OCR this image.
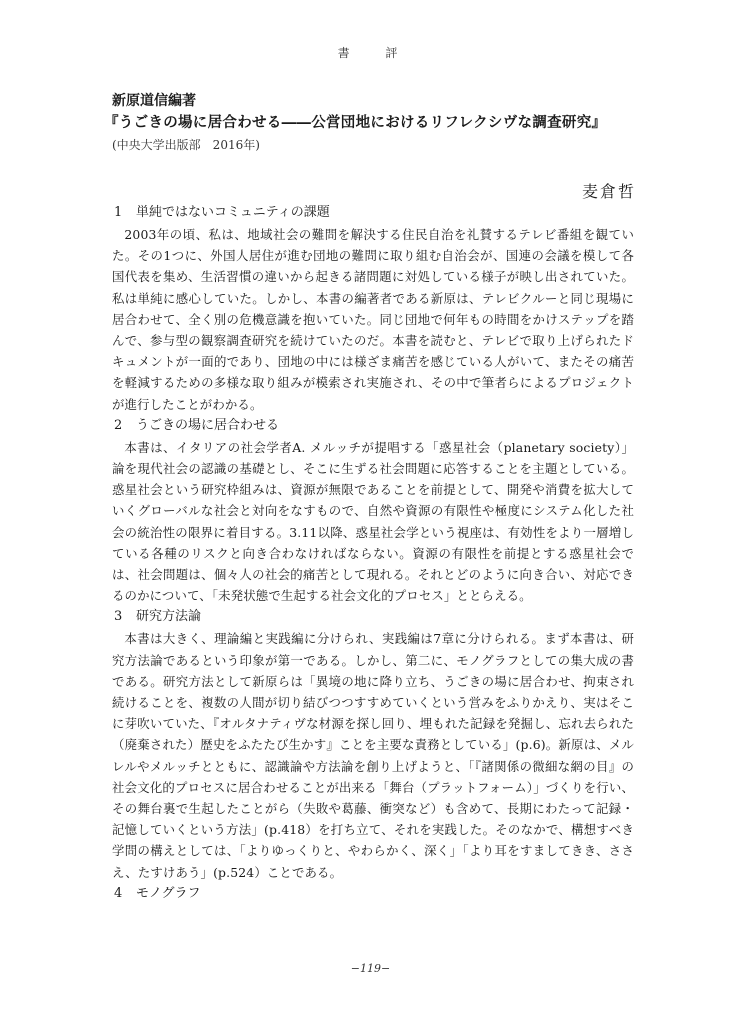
書 評
新原道信編著
『うごきの場に居合わせる――公営団地におけるリフレクシヴな調査研究』
(中央大学出版部　2016年)
麦倉哲

1 単純ではないコミュニティの課題

2003年の頃、私は、地域社会の難問を解決する住民自治を礼賛するテレビ番組を観ていた。その1つに、外国人居住が進む団地の難問に取り組む自治会が、国連の会議を模して各国代表を集め、生活習慣の違いから起きる諸問題に対処している様子が映し出されていた。私は単純に感心していた。しかし、本書の編著者である新原は、テレビクルーと同じ現場に居合わせて、全く別の危機意識を抱いていた。同じ団地で何年もの時間をかけステップを踏んで、参与型の観察調査研究を続けていたのだ。本書を読むと、テレビで取り上げられたドキュメントが一面的であり、団地の中には様ざま痛苦を感じている人がいて、またその痛苦を軽減するための多様な取り組みが模索され実施され、その中で筆者らによるプロジェクトが進行したことがわかる。

2 うごきの場に居合わせる

本書は、イタリアの社会学者A. メルッチが提唱する「惑星社会（planetary society）」論を現代社会の認識の基礎とし、そこに生ずる社会問題に応答することを主題としている。惑星社会という研究枠組みは、資源が無限であることを前提として、開発や消費を拡大していくグローバルな社会と対向をなすもので、自然や資源の有限性や極度にシステム化した社会の統治性の限界に着目する。3.11以降、惑星社会学という視座は、有効性をより一層増している各種のリスクと向き合わなければならない。資源の有限性を前提とする惑星社会では、社会問題は、個々人の社会的痛苦として現れる。それとどのように向き合い、対応できるのかについて、「未発状態で生起する社会文化的プロセス」ととらえる。

3 研究方法論

本書は大きく、理論編と実践編に分けられ、実践編は7章に分けられる。まず本書は、研究方法論であるという印象が第一である。しかし、第二に、モノグラフとしての集大成の書である。研究方法として新原らは「異境の地に降り立ち、うごきの場に居合わせ、拘束され続けることを、複数の人間が切り結びつつすすめていくという営みをふりかえり、実はそこに芽吹いていた、『オルタナティヴな材源を探し回り、埋もれた記録を発掘し、忘れ去られた（廃棄された）歴史をふたたび生かす』ことを主要な責務としている」(p.6)。新原は、メルレルやメルッチとともに、認識論や方法論を創り上げようと、「『諸関係の微細な網の目』の社会文化的プロセスに居合わせることが出来る「舞台（プラットフォーム）」づくりを行い、その舞台裏で生起したことがら（失敗や葛藤、衝突など）も含めて、長期にわたって記録・記憶していくという方法」(p.418）を打ち立て、それを実践した。そのなかで、構想すべき学問の構えとしては、「よりゆっくりと、やわらかく、深く」「より耳をすましてきき、ささえ、たすけあう」(p.524）ことである。

4 モノグラフ

−119−
